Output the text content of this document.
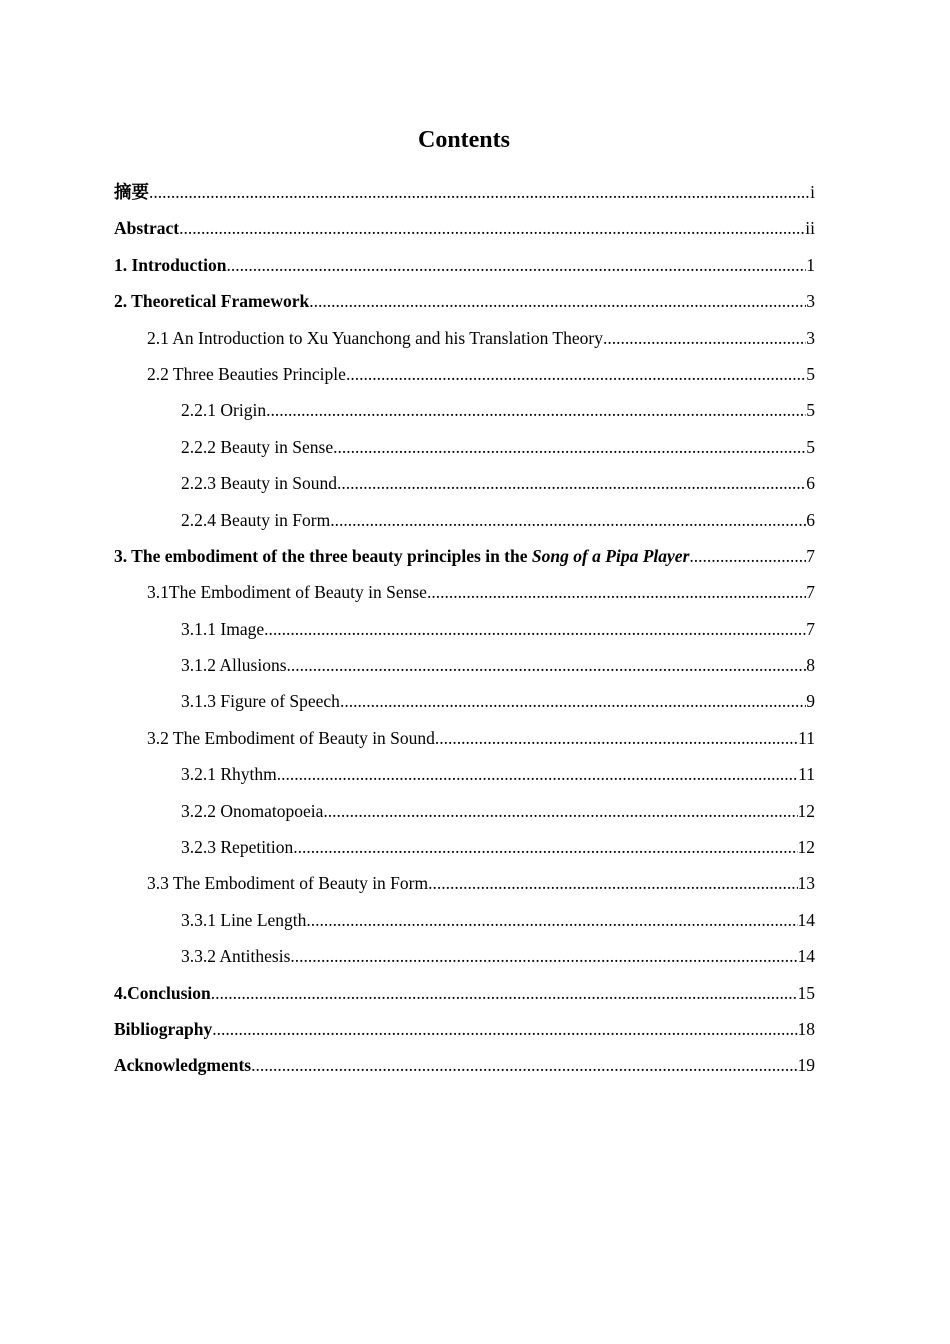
Contents
摘要 .....	i
Abstract .....	ii
1. Introduction .....	1
2. Theoretical Framework .....	3
2.1 An Introduction to Xu Yuanchong and his Translation Theory .....	3
2.2 Three Beauties Principle .....	5
2.2.1 Origin .....	5
2.2.2 Beauty in Sense .....	5
2.2.3 Beauty in Sound .....	6
2.2.4 Beauty in Form .....	6
3. The embodiment of the three beauty principles in the Song of a Pipa Player .....	7
3.1The Embodiment of Beauty in Sense .....	7
3.1.1 Image .....	7
3.1.2 Allusions .....	8
3.1.3 Figure of Speech .....	9
3.2 The Embodiment of Beauty in Sound .....	11
3.2.1 Rhythm .....	11
3.2.2 Onomatopoeia .....	12
3.2.3 Repetition .....	12
3.3 The Embodiment of Beauty in Form .....	13
3.3.1 Line Length .....	14
3.3.2 Antithesis .....	14
4.Conclusion .....	15
Bibliography .....	18
Acknowledgments .....	19
